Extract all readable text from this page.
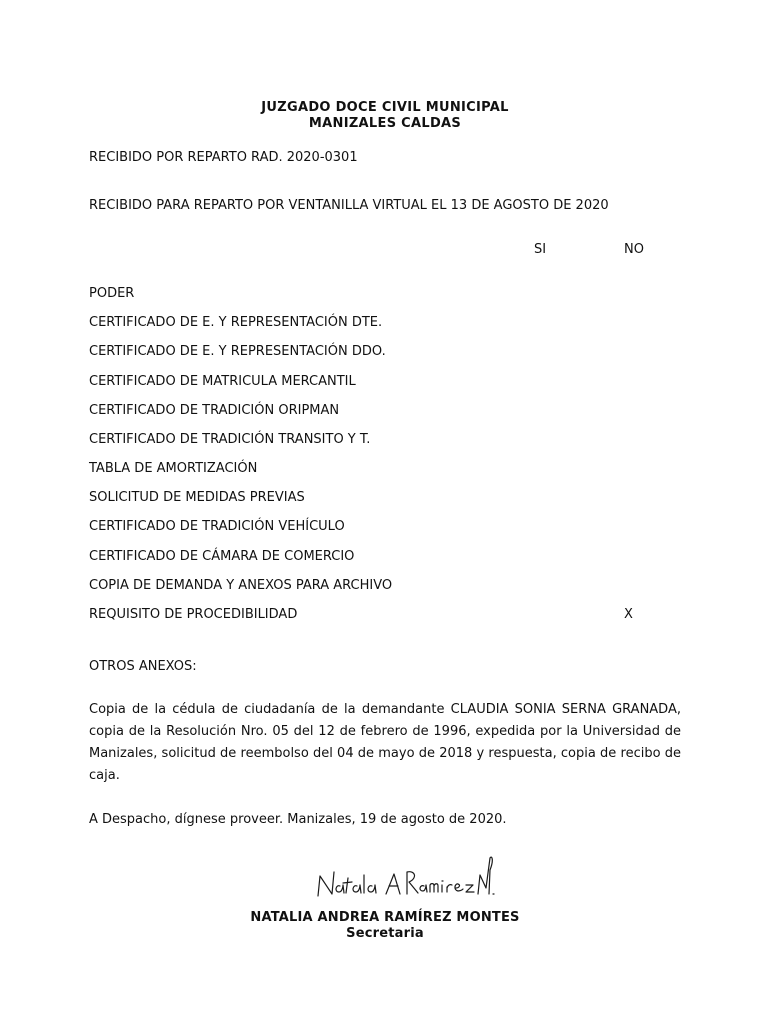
JUZGADO DOCE CIVIL MUNICIPAL
MANIZALES CALDAS
RECIBIDO POR REPARTO RAD. 2020-0301
RECIBIDO PARA REPARTO POR VENTANILLA VIRTUAL EL 13 DE AGOSTO DE 2020
SI	NO
PODER
CERTIFICADO DE E. Y REPRESENTACIÓN DTE.
CERTIFICADO DE E. Y REPRESENTACIÓN DDO.
CERTIFICADO DE MATRICULA MERCANTIL
CERTIFICADO DE TRADICIÓN ORIPMAN
CERTIFICADO DE TRADICIÓN TRANSITO Y T.
TABLA DE AMORTIZACIÓN
SOLICITUD DE MEDIDAS PREVIAS
CERTIFICADO DE TRADICIÓN VEHÍCULO
CERTIFICADO DE CÁMARA DE COMERCIO
COPIA DE DEMANDA Y ANEXOS PARA ARCHIVO
REQUISITO DE PROCEDIBILIDAD	X
OTROS ANEXOS:
Copia de la cédula de ciudadanía de la demandante CLAUDIA SONIA SERNA GRANADA, copia de la Resolución Nro. 05 del 12 de febrero de 1996, expedida por la Universidad de Manizales, solicitud de reembolso del 04 de mayo de 2018 y respuesta, copia de recibo de caja.
A Despacho, dígnese proveer. Manizales, 19 de agosto de 2020.
NATALIA ANDREA RAMÍREZ MONTES
Secretaria
